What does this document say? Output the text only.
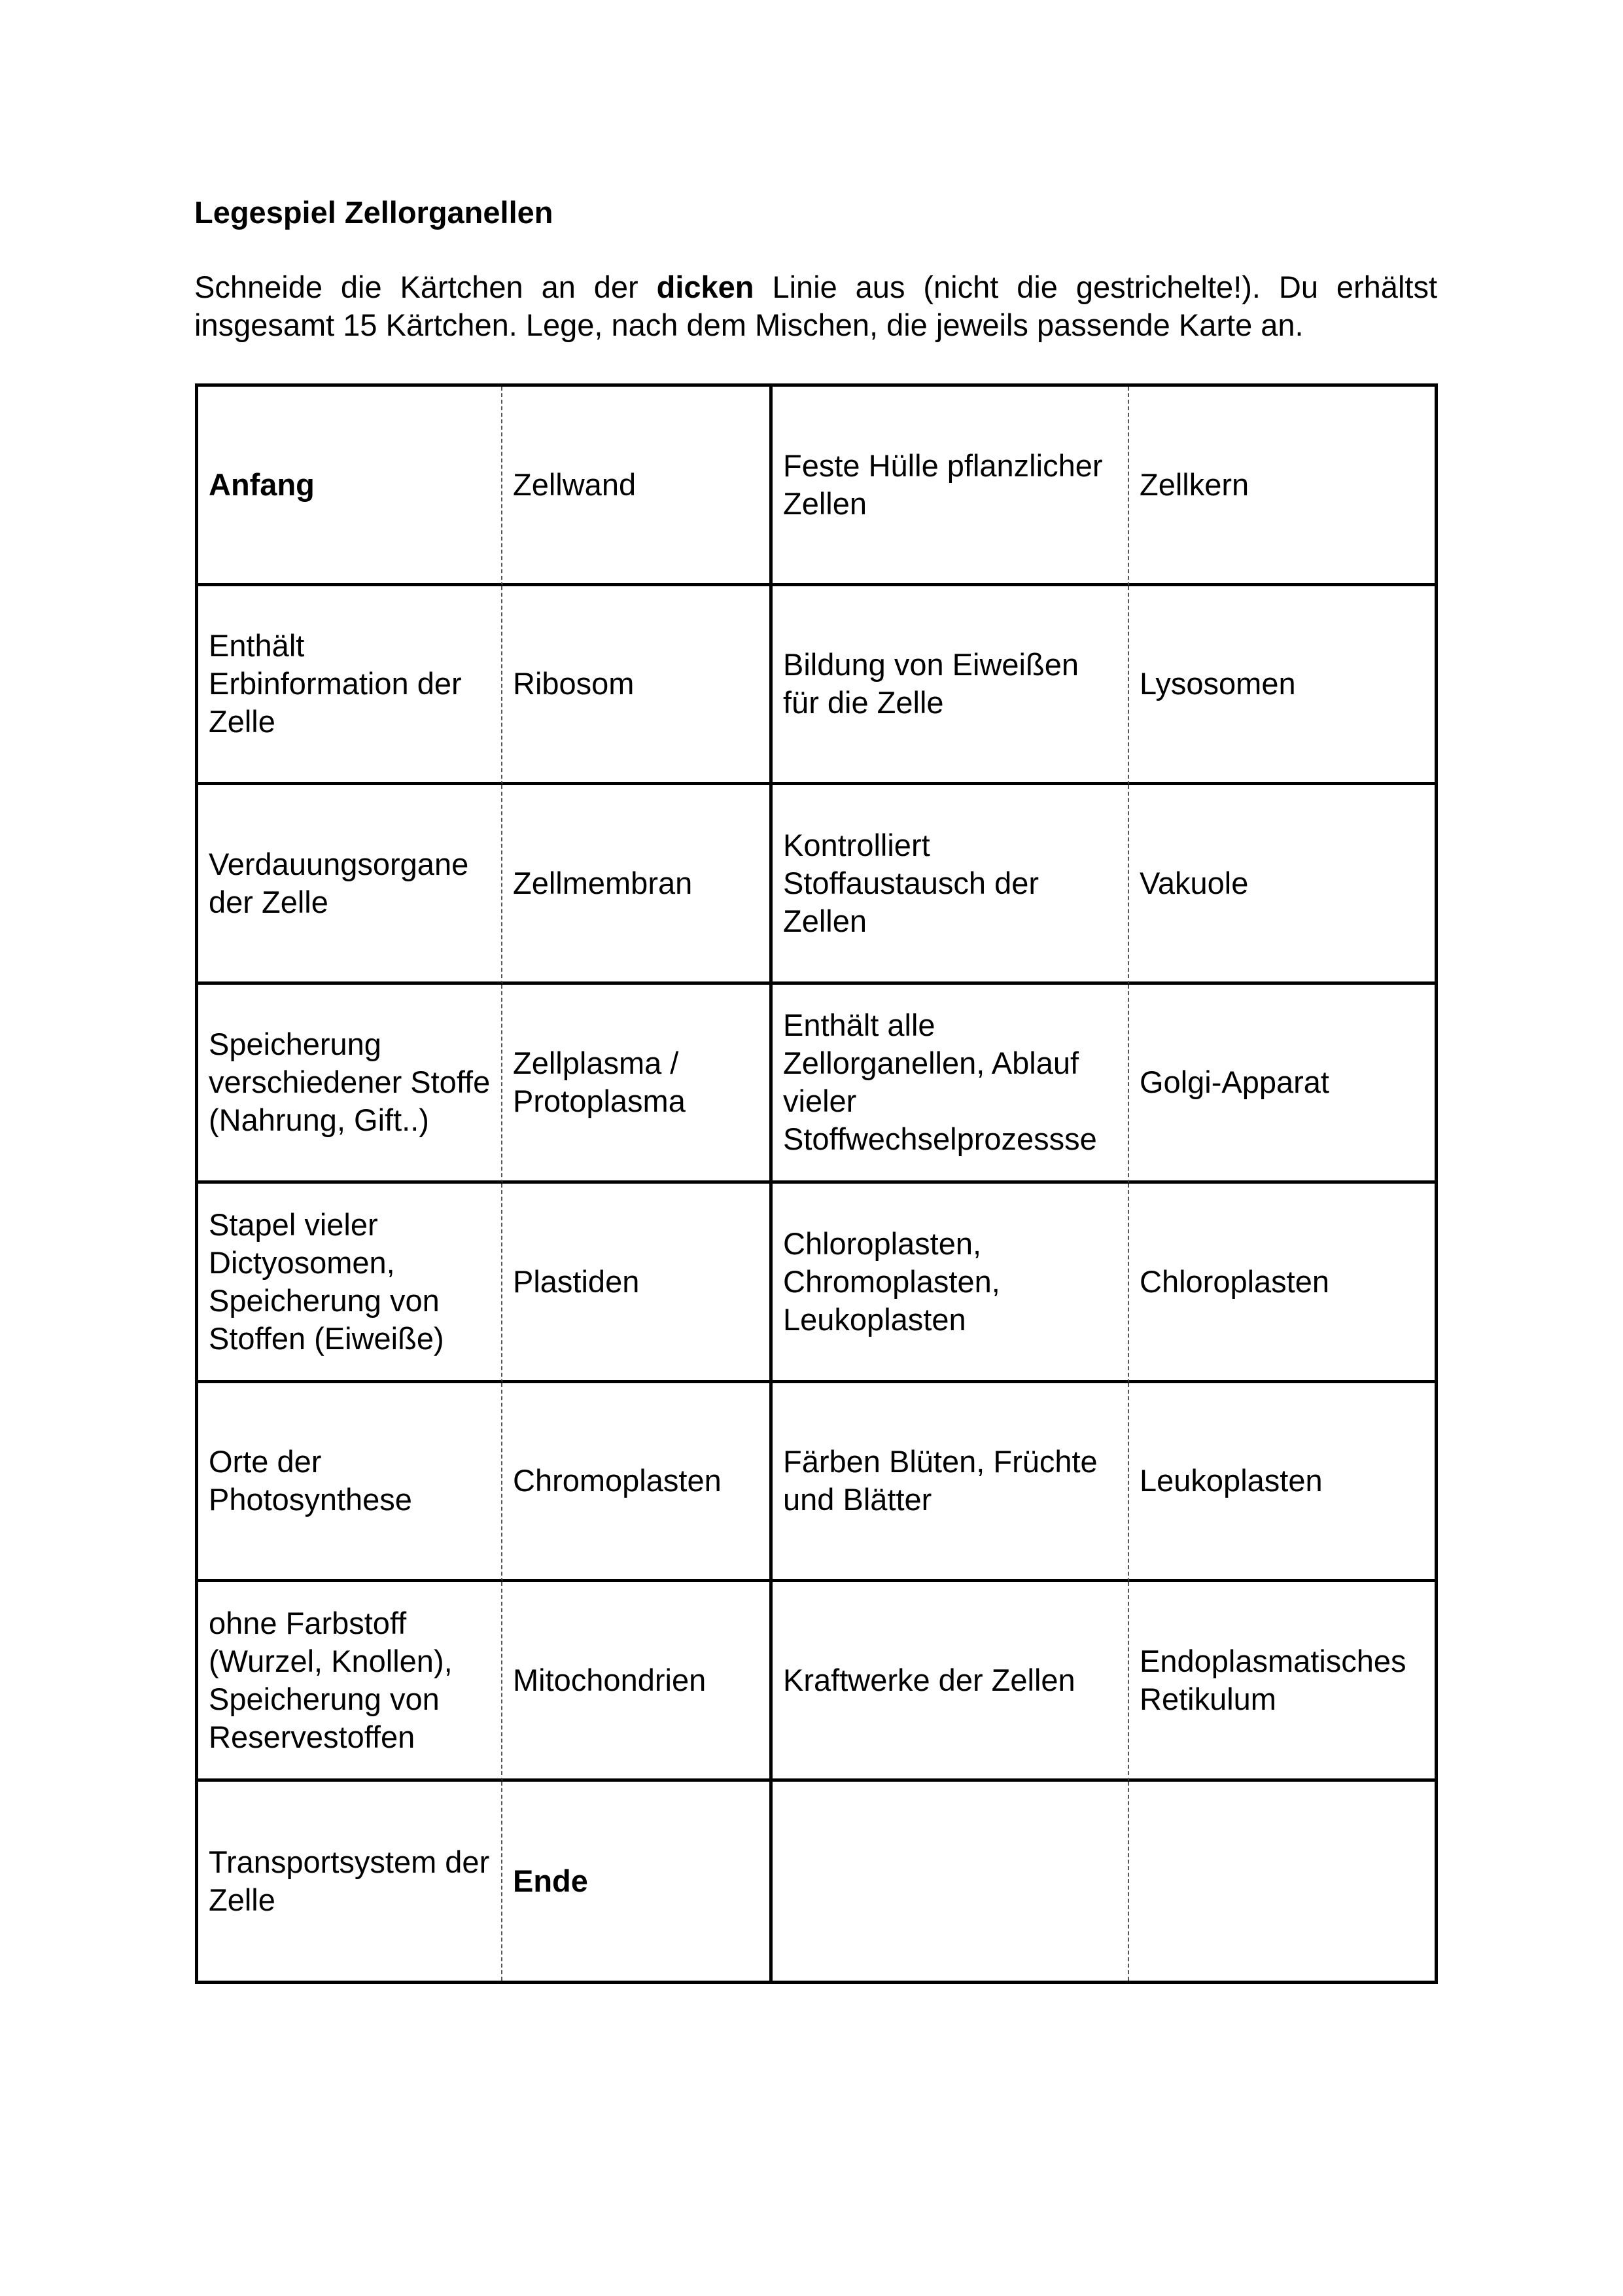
Legespiel Zellorganellen

Schneide die Kärtchen an der dicken Linie aus (nicht die gestrichelte!). Du erhältst insgesamt 15 Kärtchen. Lege, nach dem Mischen, die jeweils passende Karte an.

Anfang	Zellwand
Feste Hülle pflanzlicher Zellen
Zellkern
Enthält Erbinformation der Zelle
Ribosom
Bildung von Eiweißen für die Zelle
Lysosomen
Verdauungsorgane der Zelle
Zellmembran
Kontrolliert Stoffaustausch der Zellen
Vakuole
Speicherung verschiedener Stoffe (Nahrung, Gift..)
Zellplasma / Protoplasma
Enthält alle Zellorganellen, Ablauf vieler Stoffwechselprozessse
Golgi-Apparat
Stapel vieler Dictyosomen, Speicherung von Stoffen (Eiweiße)
Plastiden
Chloroplasten, Chromoplasten, Leukoplasten
Chloroplasten
Orte der Photosynthese
Chromoplasten
Färben Blüten, Früchte und Blätter
Leukoplasten
ohne Farbstoff (Wurzel, Knollen), Speicherung von Reservestoffen
Mitochondrien	Kraftwerke der Zellen
Endoplasmatisches Retikulum
Transportsystem der Zelle
Ende
